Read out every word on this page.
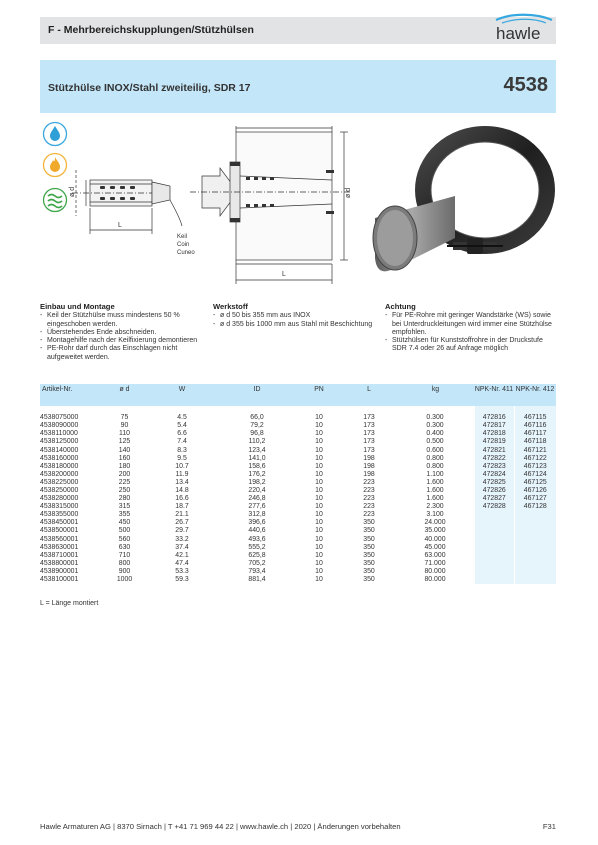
F - Mehrbereichskupplungen/Stützhülsen	hawle
Stützhülse INOX/Stahl zweiteilig, SDR 17	4538
ø d
L
Keil
Coin
Cuneo
ø d
L
Einbau und Montage
- Keil der Stützhülse muss mindestens 50 % eingeschoben werden.
- Überstehendes Ende abschneiden.
- Montagehilfe nach der Keilfixierung demontieren
- PE-Rohr darf durch das Einschlagen nicht aufgeweitet werden.
Werkstoff
- ø d 50 bis 355 mm aus INOX
- ø d 355 bis 1000 mm aus Stahl mit Beschichtung
Achtung
- Für PE-Rohre mit geringer Wandstärke (WS) sowie bei Unterdruckleitungen wird immer eine Stützhülse empfohlen.
- Stützhülsen für Kunststoffrohre in der Druckstufe SDR 7.4 oder 26 auf Anfrage möglich
Artikel-Nr.	ø d	W	ID	PN	L	kg	NPK-Nr. 411	NPK-Nr. 412

4538075000	75	4.5	66,0	10	173	0.300	472816	467115
4538090000	90	5.4	79,2	10	173	0.300	472817	467116
4538110000	110	6.6	96,8	10	173	0.400	472818	467117
4538125000	125	7.4	110,2	10	173	0.500	472819	467118
4538140000	140	8.3	123,4	10	173	0.600	472821	467121
4538160000	160	9.5	141,0	10	198	0.800	472822	467122
4538180000	180	10.7	158,6	10	198	0.800	472823	467123
4538200000	200	11.9	176,2	10	198	1.100	472824	467124
4538225000	225	13.4	198,2	10	223	1.600	472825	467125
4538250000	250	14.8	220,4	10	223	1.600	472826	467126
4538280000	280	16.6	246,8	10	223	1.600	472827	467127
4538315000	315	18.7	277,6	10	223	2.300	472828	467128
4538355000	355	21.1	312,8	10	223	3.100		
4538450001	450	26.7	396,6	10	350	24.000		
4538500001	500	29.7	440,6	10	350	35.000		
4538560001	560	33.2	493,6	10	350	40.000		
4538630001	630	37.4	555,2	10	350	45.000		
4538710001	710	42.1	625,8	10	350	63.000		
4538800001	800	47.4	705,2	10	350	71.000		
4538900001	900	53.3	793,4	10	350	80.000		
4538100001	1000	59.3	881,4	10	350	80.000		
L = Länge montiert
Hawle Armaturen AG | 8370 Sirnach | T +41 71 969 44 22 | www.hawle.ch | 2020 | Änderungen vorbehalten	F31
